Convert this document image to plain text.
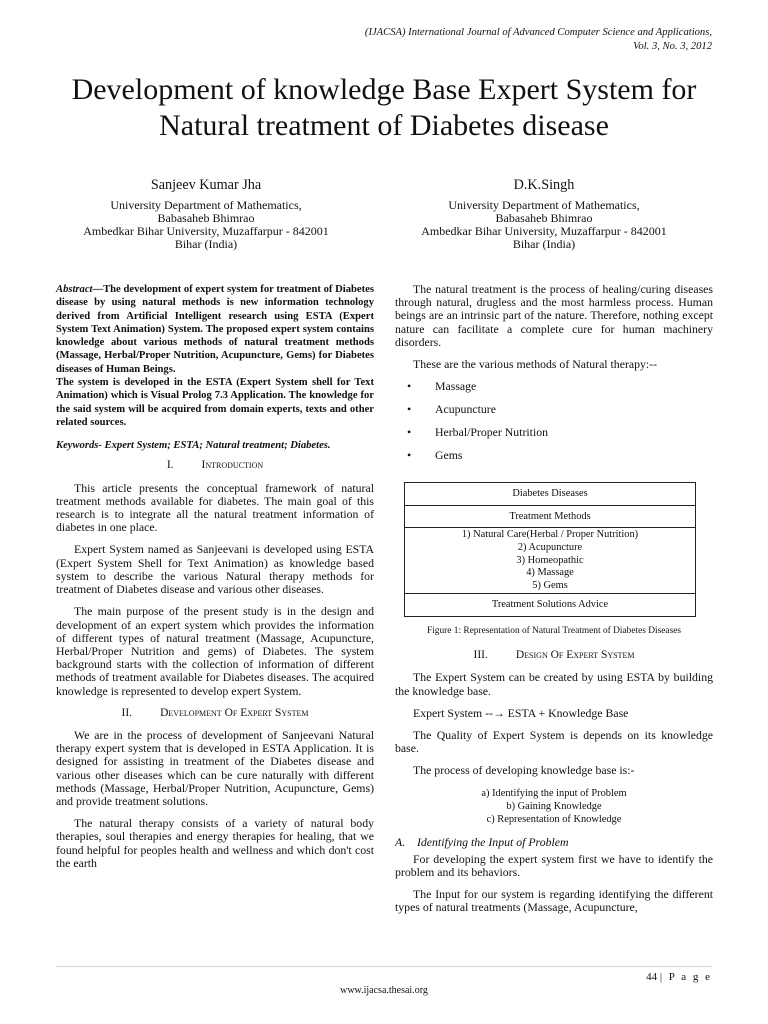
(IJACSA) International Journal of Advanced Computer Science and Applications,
Vol. 3, No. 3, 2012
Development of knowledge Base Expert System for
Natural treatment of Diabetes disease
Sanjeev Kumar Jha
University Department of Mathematics,
Babasaheb Bhimrao
Ambedkar Bihar University, Muzaffarpur - 842001
Bihar (India)
D.K.Singh
University Department of Mathematics,
Babasaheb Bhimrao
Ambedkar Bihar University, Muzaffarpur - 842001
Bihar (India)

Abstract—The development of expert system for treatment of Diabetes disease by using natural methods is new information technology derived from Artificial Intelligent research using ESTA (Expert System Text Animation) System. The proposed expert system contains knowledge about various methods of natural treatment methods (Massage, Herbal/Proper Nutrition, Acupuncture, Gems) for Diabetes diseases of Human Beings.

The system is developed in the ESTA (Expert System shell for Text Animation) which is Visual Prolog 7.3 Application. The knowledge for the said system will be acquired from domain experts, texts and other related sources.

Keywords- Expert System; ESTA; Natural treatment; Diabetes.

I. Introduction

This article presents the conceptual framework of natural treatment methods available for diabetes. The main goal of this research is to integrate all the natural treatment information of diabetes in one place.

Expert System named as Sanjeevani is developed using ESTA (Expert System Shell for Text Animation) as knowledge based system to describe the various Natural therapy methods for treatment of Diabetes disease and various other diseases.

The main purpose of the present study is in the design and development of an expert system which provides the information of different types of natural treatment (Massage, Acupuncture, Herbal/Proper Nutrition and gems) of Diabetes. The system background starts with the collection of information of different methods of treatment available for Diabetes diseases. The acquired knowledge is represented to develop expert System.

II. Development Of Expert System

We are in the process of development of Sanjeevani Natural therapy expert system that is developed in ESTA Application. It is designed for assisting in treatment of the Diabetes disease and various other diseases which can be cure naturally with different methods (Massage, Herbal/Proper Nutrition, Acupuncture, Gems) and provide treatment solutions.

The natural therapy consists of a variety of natural body therapies, soul therapies and energy therapies for healing, that we found helpful for peoples health and wellness and which don't cost the earth

The natural treatment is the process of healing/curing diseases through natural, drugless and the most harmless process. Human beings are an intrinsic part of the nature. Therefore, nothing except nature can facilitate a complete cure for human machinery disorders.

These are the various methods of Natural therapy:--

• Massage
• Acupuncture
• Herbal/Proper Nutrition
• Gems
Diabetes Diseases
Treatment Methods
1) Natural Care(Herbal / Proper Nutrition)
2) Acupuncture
3) Homeopathic
4) Massage
5) Gems
Treatment Solutions Advice
Figure 1: Representation of Natural Treatment of Diabetes Diseases
III. Design Of Expert System

The Expert System can be created by using ESTA by building the knowledge base.

Expert System --→ ESTA + Knowledge Base

The Quality of Expert System is depends on its knowledge base.

The process of developing knowledge base is:-

a) Identifying the input of Problem
b) Gaining Knowledge
c) Representation of Knowledge
A. Identifying the Input of Problem

For developing the expert system first we have to identify the problem and its behaviors.

The Input for our system is regarding identifying the different types of natural treatments (Massage, Acupuncture,

44 | P a g e
www.ijacsa.thesai.org
